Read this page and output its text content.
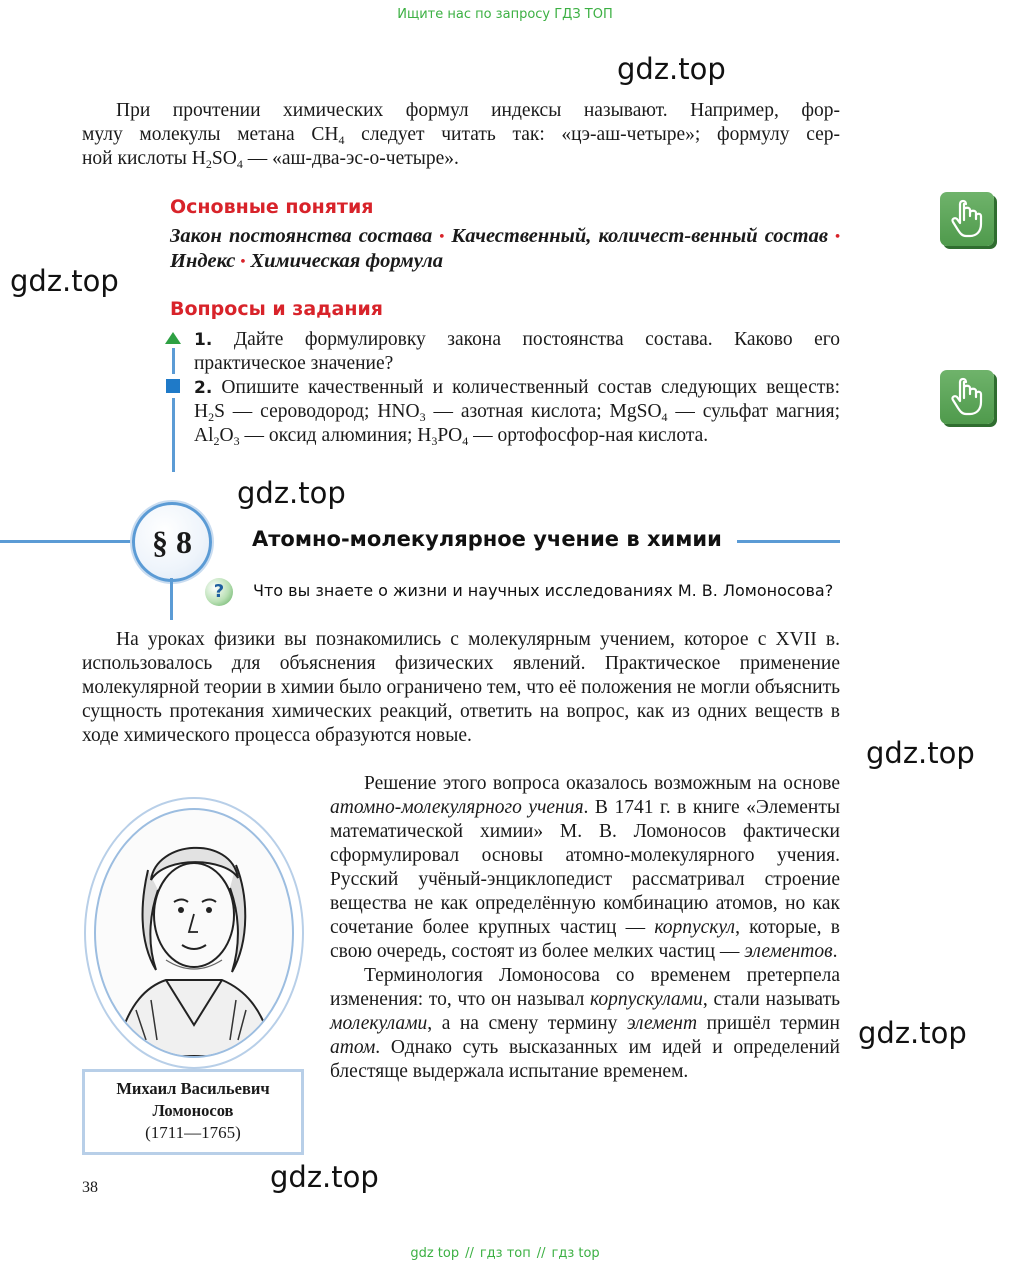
Ищите нас по запросу ГДЗ ТОП
gdz.top
gdz.top
gdz.top
gdz.top
gdz.top
gdz.top
При прочтении химических формул индексы называют. Например, фор-
мулу молекулы метана $CH_4$ следует читать так: «цэ-аш-четыре»; формулу сер-
ной кислоты $H_2SO_4$ — «аш-два-эс-о-четыре».
Основные понятия
Закон постоянства состава • Качественный, количест-венный состав • Индекс • Химическая формула
Вопросы и задания
1. Дайте формулировку закона постоянства состава. Каково его практическое значение?
2. Опишите качественный и количественный состав следующих веществ: $H_2S$ — сероводород; $HNO_3$ — азотная кислота; MgSO$_4$ — сульфат магния; $Al_2O_3$ — оксид алюминия; $H_3PO_4$ — ортофосфор-ная кислота.
§ 8	Атомно-молекулярное учение в химии
?	Что вы знаете о жизни и научных исследованиях М. В. Ломоносова?

На уроках физики вы познакомились с молекулярным учением, которое с XVII в. использовалось для объяснения физических явлений. Практическое применение молекулярной теории в химии было ограничено тем, что её положения не могли объяснить сущность протекания химических реакций, ответить на вопрос, как из одних веществ в ходе химического процесса образуются новые.

Решение этого вопроса оказалось возможным на основе атомно-молекулярного учения. В 1741 г. в книге «Элементы математической химии» М. В. Ломоносов фактически сформулировал основы атомно-молекулярного учения. Русский учёный-энциклопедист рассматривал строение вещества не как определённую комбинацию атомов, но как сочетание более крупных частиц — корпускул, которые, в свою очередь, состоят из более мелких частиц — элементов.

Терминология Ломоносова со временем претерпела изменения: то, что он называл корпускулами, стали называть молекулами, а на смену термину элемент пришёл термин атом. Однако суть высказанных им идей и определений блестяще выдержала испытание временем.

Михаил Васильевич
Ломоносов
(1711—1765)
38
gdz top // гдз топ // гдз top
